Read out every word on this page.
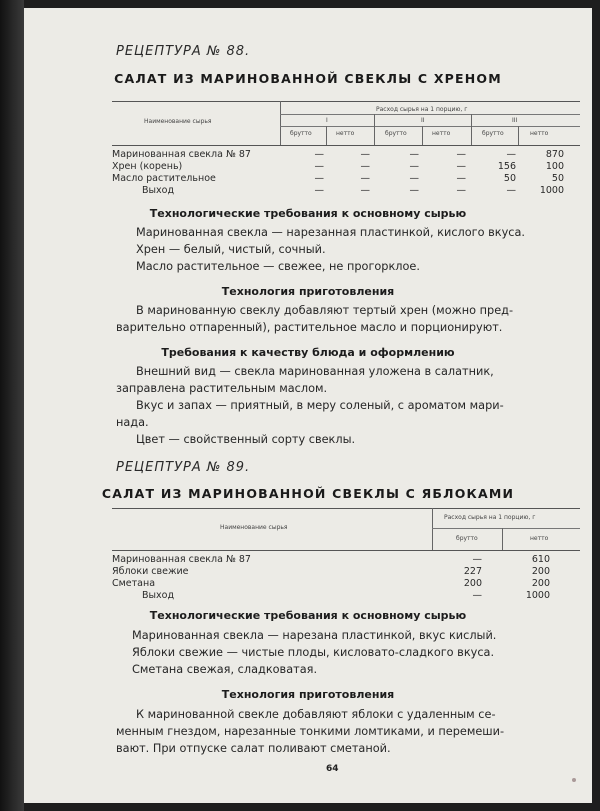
РЕЦЕПТУРА № 88.
САЛАТ ИЗ МАРИНОВАННОЙ СВЕКЛЫ С ХРЕНОМ
Наименование сырья
Расход сырья на 1 порцию, г
I	II	III
брутто	нетто	брутто	нетто	брутто	нетто
Маринованная свекла № 87	—	—	—	—	—	870
Хрен (корень)	—	—	—	—	156	100
Масло растительное	—	—	—	—	50	50
Выход	—	—	—	—	—	1000
Технологические требования к основному сырью
Маринованная свекла — нарезанная пластинкой, кислого вкуса.
Хрен — белый, чистый, сочный.
Масло растительное — свежее, не прогорклое.
Технология приготовления
В маринованную свеклу добавляют тертый хрен (можно пред-
варительно отпаренный), растительное масло и порционируют.
Требования к качеству блюда и оформлению
Внешний вид — свекла маринованная уложена в салатник,
заправлена растительным маслом.
Вкус и запах — приятный, в меру соленый, с ароматом мари-
нада.
Цвет — свойственный сорту свеклы.
РЕЦЕПТУРА № 89.
САЛАТ ИЗ МАРИНОВАННОЙ СВЕКЛЫ С ЯБЛОКАМИ
Наименование сырья
Расход сырья на 1 порцию, г
брутто	нетто
Маринованная свекла № 87	—	610
Яблоки свежие	227	200
Сметана	200	200
Выход	—	1000
Технологические требования к основному сырью
Маринованная свекла — нарезана пластинкой, вкус кислый.
Яблоки свежие — чистые плоды, кисловато-сладкого вкуса.
Сметана свежая, сладковатая.
Технология приготовления
К маринованной свекле добавляют яблоки с удаленным се-
менным гнездом, нарезанные тонкими ломтиками, и перемеши-
вают. При отпуске салат поливают сметаной.
64
